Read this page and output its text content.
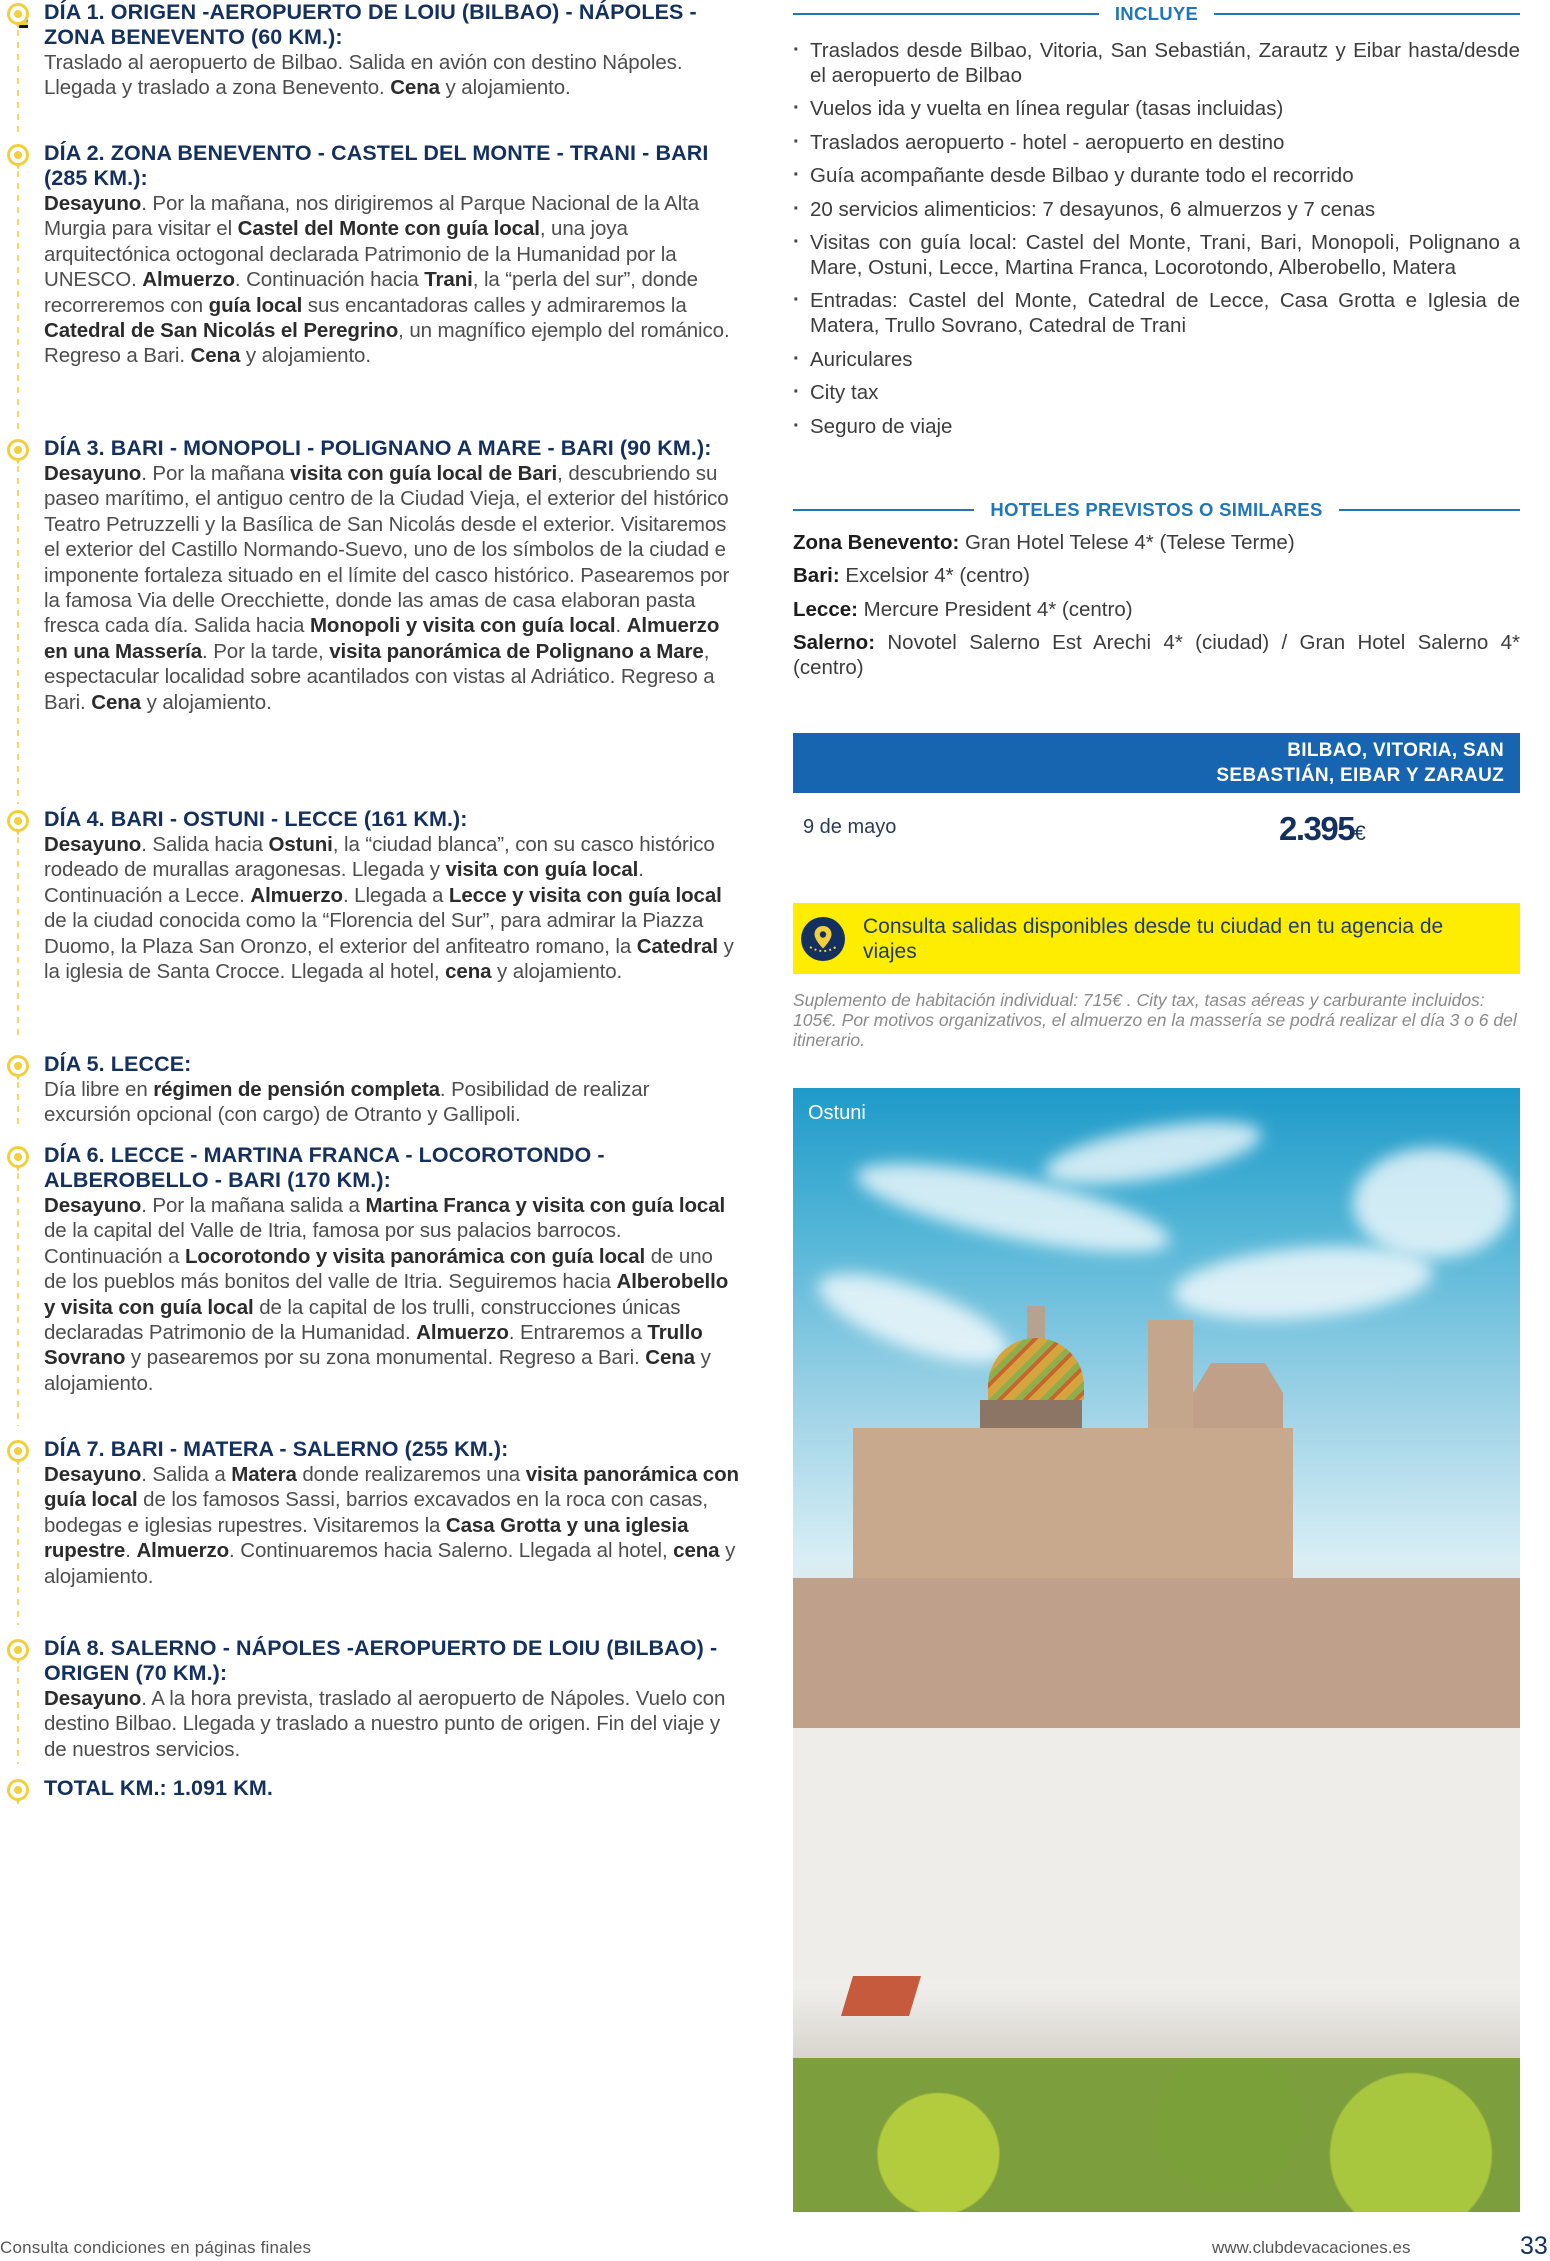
DÍA 1. ORIGEN -AEROPUERTO DE LOIU (BILBAO) - NÁPOLES - ZONA BENEVENTO (60 KM.):

Traslado al aeropuerto de Bilbao. Salida en avión con destino Nápoles. Llegada y traslado a zona Benevento. Cena y alojamiento.

DÍA 2. ZONA BENEVENTO - CASTEL DEL MONTE - TRANI - BARI (285 KM.):

Desayuno. Por la mañana, nos dirigiremos al Parque Nacional de la Alta Murgia para visitar el Castel del Monte con guía local, una joya arquitectónica octogonal declarada Patrimonio de la Humanidad por la UNESCO. Almuerzo. Continuación hacia Trani, la “perla del sur”, donde recorreremos con guía local sus encantadoras calles y admiraremos la Catedral de San Nicolás el Peregrino, un magnífico ejemplo del románico. Regreso a Bari. Cena y alojamiento.

DÍA 3. BARI - MONOPOLI - POLIGNANO A MARE - BARI (90 KM.):

Desayuno. Por la mañana visita con guía local de Bari, descubriendo su paseo marítimo, el antiguo centro de la Ciudad Vieja, el exterior del histórico Teatro Petruzzelli y la Basílica de San Nicolás desde el exterior. Visitaremos el exterior del Castillo Normando-Suevo, uno de los símbolos de la ciudad e imponente fortaleza situado en el límite del casco histórico. Pasearemos por la famosa Via delle Orecchiette, donde las amas de casa elaboran pasta fresca cada día. Salida hacia Monopoli y visita con guía local. Almuerzo en una Massería. Por la tarde, visita panorámica de Polignano a Mare, espectacular localidad sobre acantilados con vistas al Adriático. Regreso a Bari. Cena y alojamiento.

DÍA 4. BARI - OSTUNI - LECCE (161 KM.):

Desayuno. Salida hacia Ostuni, la “ciudad blanca”, con su casco histórico rodeado de murallas aragonesas. Llegada y visita con guía local. Continuación a Lecce. Almuerzo. Llegada a Lecce y visita con guía local de la ciudad conocida como la “Florencia del Sur”, para admirar la Piazza Duomo, la Plaza San Oronzo, el exterior del anfiteatro romano, la Catedral y la iglesia de Santa Crocce. Llegada al hotel, cena y alojamiento.

DÍA 5. LECCE:

Día libre en régimen de pensión completa. Posibilidad de realizar excursión opcional (con cargo) de Otranto y Gallipoli.

DÍA 6. LECCE - MARTINA FRANCA - LOCOROTONDO - ALBEROBELLO - BARI (170 KM.):

Desayuno. Por la mañana salida a Martina Franca y visita con guía local de la capital del Valle de Itria, famosa por sus palacios barrocos. Continuación a Locorotondo y visita panorámica con guía local de uno de los pueblos más bonitos del valle de Itria. Seguiremos hacia Alberobello y visita con guía local de la capital de los trulli, construcciones únicas declaradas Patrimonio de la Humanidad. Almuerzo. Entraremos a Trullo Sovrano y pasearemos por su zona monumental. Regreso a Bari. Cena y alojamiento.

DÍA 7. BARI - MATERA - SALERNO (255 KM.):

Desayuno. Salida a Matera donde realizaremos una visita panorámica con guía local de los famosos Sassi, barrios excavados en la roca con casas, bodegas e iglesias rupestres. Visitaremos la Casa Grotta y una iglesia rupestre. Almuerzo. Continuaremos hacia Salerno. Llegada al hotel, cena y alojamiento.

DÍA 8. SALERNO - NÁPOLES -AEROPUERTO DE LOIU (BILBAO) - ORIGEN (70 KM.):

Desayuno. A la hora prevista, traslado al aeropuerto de Nápoles. Vuelo con destino Bilbao. Llegada y traslado a nuestro punto de origen. Fin del viaje y de nuestros servicios.

TOTAL KM.: 1.091 KM.
INCLUYE
· Traslados desde Bilbao, Vitoria, San Sebastián, Zarautz y Eibar hasta/desde el aeropuerto de Bilbao
· Vuelos ida y vuelta en línea regular (tasas incluidas)
· Traslados aeropuerto - hotel - aeropuerto en destino
· Guía acompañante desde Bilbao y durante todo el recorrido
· 20 servicios alimenticios: 7 desayunos, 6 almuerzos y 7 cenas
· Visitas con guía local: Castel del Monte, Trani, Bari, Monopoli, Polignano a Mare, Ostuni, Lecce, Martina Franca, Locorotondo, Alberobello, Matera
· Entradas: Castel del Monte, Catedral de Lecce, Casa Grotta e Iglesia de Matera, Trullo Sovrano, Catedral de Trani
· Auriculares
· City tax
· Seguro de viaje
HOTELES PREVISTOS O SIMILARES

Zona Benevento: Gran Hotel Telese 4* (Telese Terme)

Bari: Excelsior 4* (centro)

Lecce: Mercure President 4* (centro)

Salerno: Novotel Salerno Est Arechi 4* (ciudad) / Gran Hotel Salerno 4* (centro)

BILBAO, VITORIA, SAN
SEBASTIÁN, EIBAR Y ZARAUZ
9 de mayo	2.395€
Consulta salidas disponibles desde tu ciudad en tu agencia de viajes
Suplemento de habitación individual: 715€ . City tax, tasas aéreas y carburante incluidos: 105€. Por motivos organizativos, el almuerzo en la massería se podrá realizar el día 3 o 6 del itinerario.
Ostuni
Consulta condiciones en páginas finales	www.clubdevacaciones.es	33
